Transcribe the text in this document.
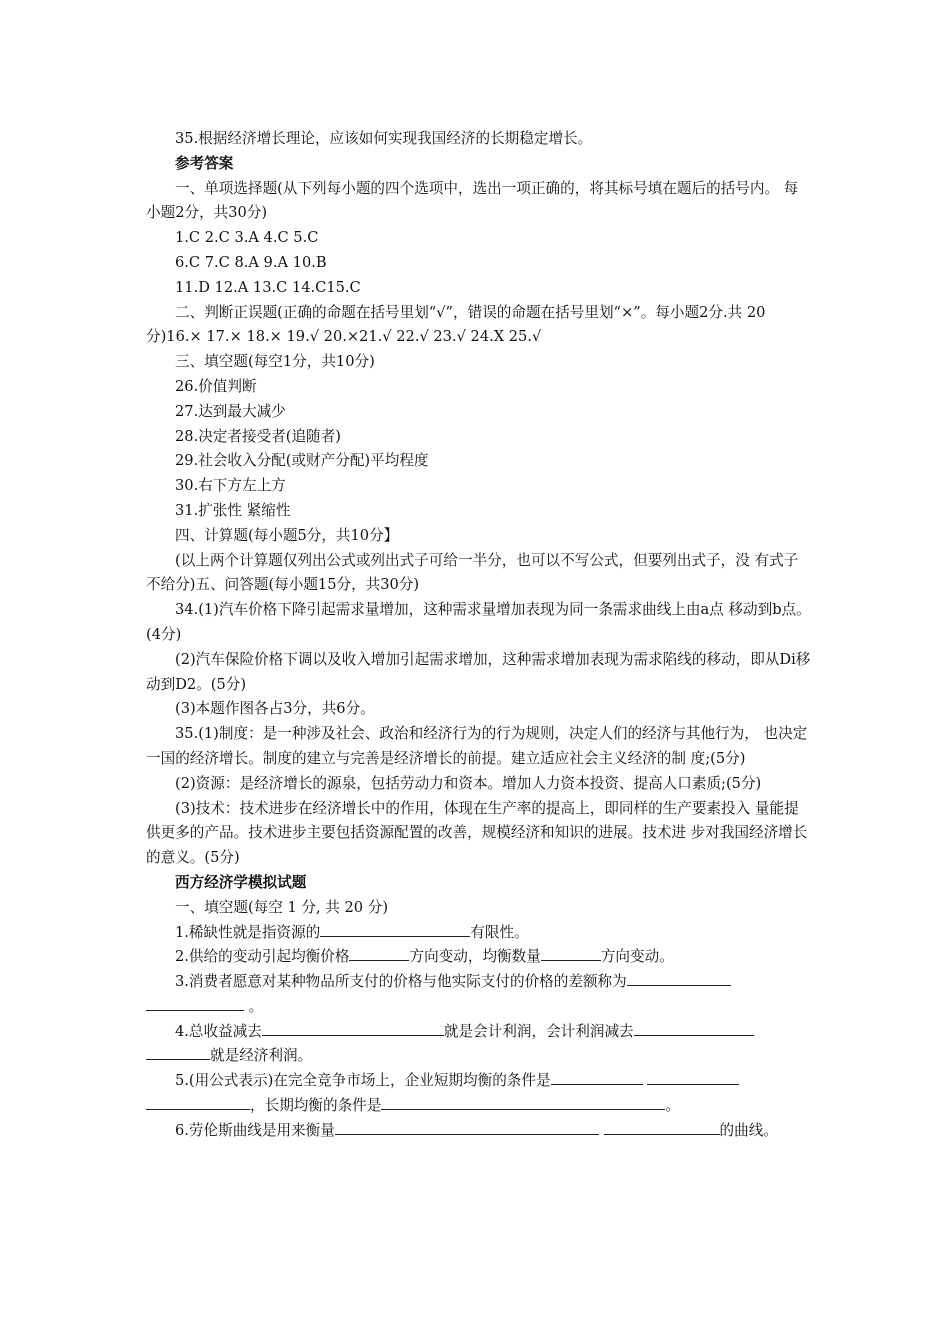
35.根据经济增长理论，应该如何实现我国经济的长期稳定增长。

参考答案

一、单项选择题(从下列每小题的四个选项中，选出一项正确的，将其标号填在题后的括号内。 每小题2分，共30分)

1.C 2.C 3.A 4.C 5.C

6.C 7.C 8.A 9.A 10.B

11.D 12.A 13.C 14.C15.C

二、判断正误题(正确的命题在括号里划“√”，错误的命题在括号里划“×”。每小题2分.共 20分)16.× 17.× 18.× 19.√ 20.×21.√ 22.√ 23.√ 24.X 25.√

三、填空题(每空1分，共10分)

26.价值判断

27.达到最大减少

28.决定者接受者(追随者)

29.社会收入分配(或财产分配)平均程度

30.右下方左上方

31.扩张性 紧缩性

四、计算题(每小题5分，共10分】

(以上两个计算题仅列出公式或列出式子可给一半分，也可以不写公式，但要列出式子，没 有式子不给分)五、问答题(每小题15分，共30分)

34.(1)汽车价格下降引起需求量增加，这种需求量增加表现为同一条需求曲线上由a点 移动到b点。(4分)

(2)汽车保险价格下调以及收入增加引起需求增加，这种需求增加表现为需求陷线的移动，即从Di移动到D2。(5分)

(3)本题作图各占3分，共6分。

35.(1)制度：是一种涉及社会、政治和经济行为的行为规则，决定人们的经济与其他行为， 也决定一国的经济增长。制度的建立与完善是经济增长的前提。建立适应社会主义经济的制 度;(5分)

(2)资源：是经济增长的源泉，包括劳动力和资本。增加人力资本投资、提高人口素质;(5分)

(3)技术：技术进步在经济增长中的作用，体现在生产率的提高上，即同样的生产要素投入 量能提供更多的产品。技术进步主要包括资源配置的改善，规模经济和知识的进展。技术进 步对我国经济增长的意义。(5分)

西方经济学模拟试题

一、填空题(每空 1 分, 共 20 分)

1.稀缺性就是指资源的	有限性。

2.供给的变动引起均衡价格	方向变动，均衡数量	方向变动。

3.消费者愿意对某种物品所支付的价格与他实际支付的价格的差额称为
。

4.总收益减去	就是会计利润，会计利润减去
就是经济利润。

5.(用公式表示)在完全竞争市场上，企业短期均衡的条件是
，长期均衡的条件是	。

6.劳伦斯曲线是用来衡量	的曲线。
